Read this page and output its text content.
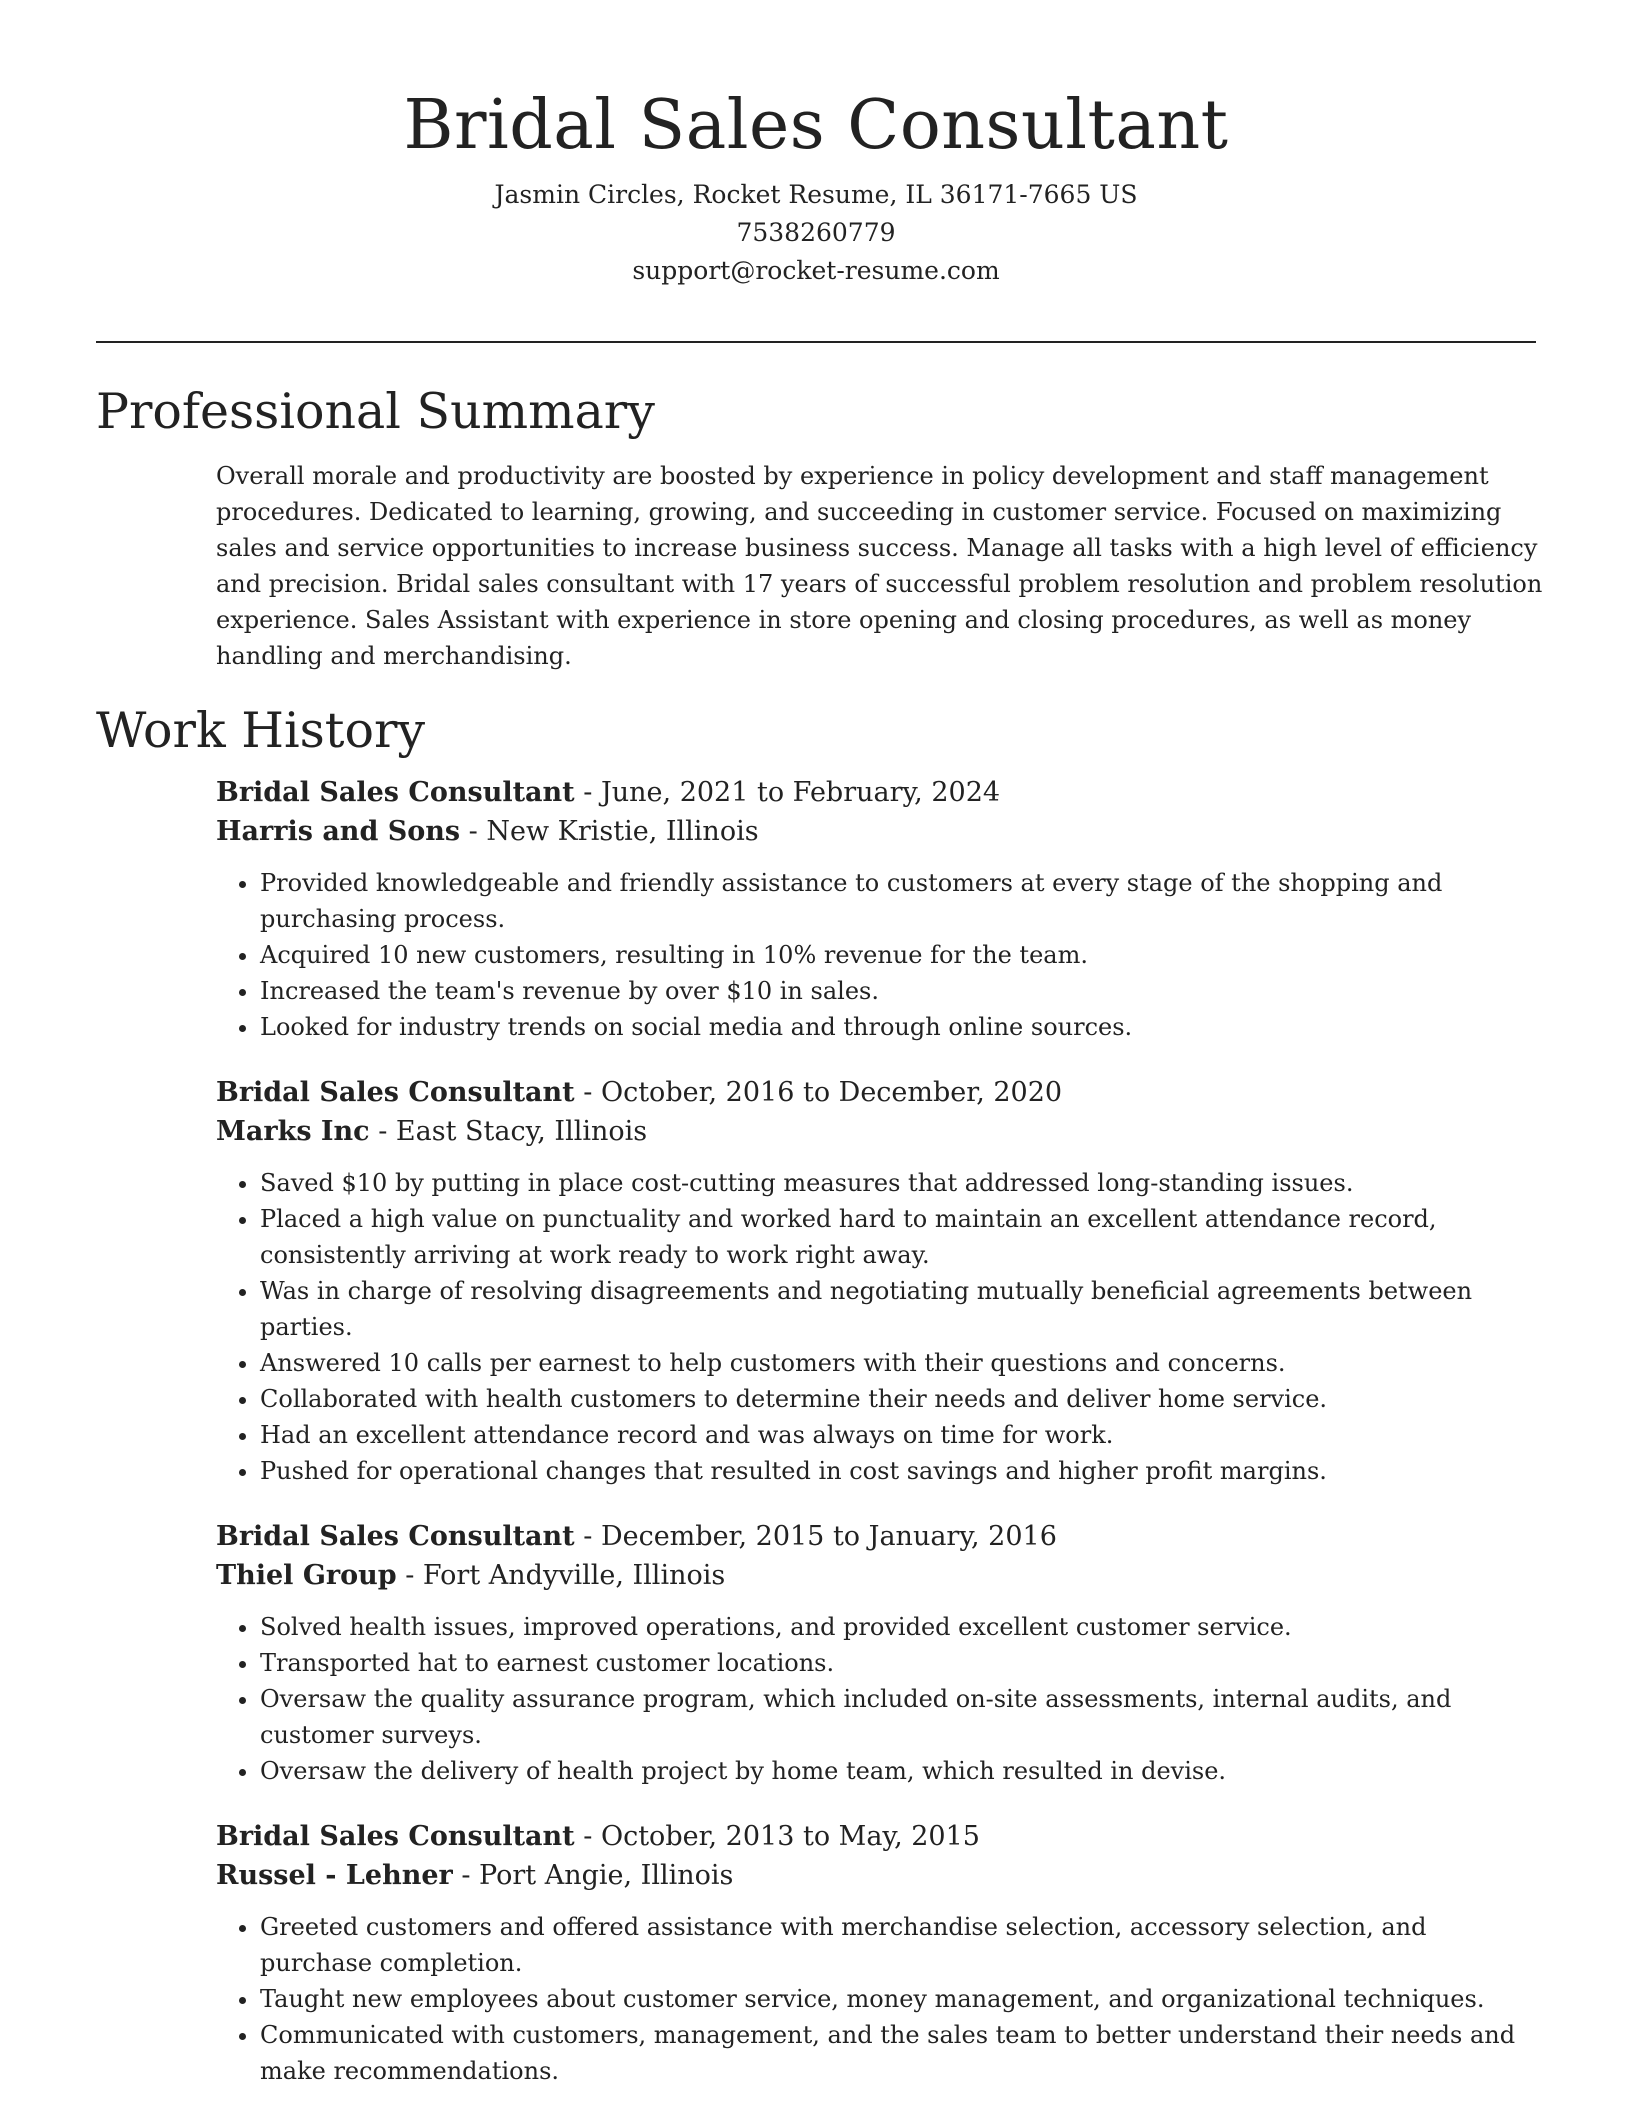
Bridal Sales Consultant

Jasmin Circles, Rocket Resume, IL 36171-7665 US

7538260779

support@rocket-resume.com

Professional Summary

Overall morale and productivity are boosted by experience in policy development and staff management procedures. Dedicated to learning, growing, and succeeding in customer service. Focused on maximizing sales and service opportunities to increase business success. Manage all tasks with a high level of efficiency and precision. Bridal sales consultant with 17 years of successful problem resolution and problem resolution experience. Sales Assistant with experience in store opening and closing procedures, as well as money handling and merchandising.

Work History

Bridal Sales Consultant - June, 2021 to February, 2024

Harris and Sons - New Kristie, Illinois

• Provided knowledgeable and friendly assistance to customers at every stage of the shopping and purchasing process.
• Acquired 10 new customers, resulting in 10% revenue for the team.
• Increased the team's revenue by over $10 in sales.
• Looked for industry trends on social media and through online sources.

Bridal Sales Consultant - October, 2016 to December, 2020

Marks Inc - East Stacy, Illinois

• Saved $10 by putting in place cost-cutting measures that addressed long-standing issues.
• Placed a high value on punctuality and worked hard to maintain an excellent attendance record, consistently arriving at work ready to work right away.
• Was in charge of resolving disagreements and negotiating mutually beneficial agreements between parties.
• Answered 10 calls per earnest to help customers with their questions and concerns.
• Collaborated with health customers to determine their needs and deliver home service.
• Had an excellent attendance record and was always on time for work.
• Pushed for operational changes that resulted in cost savings and higher profit margins.

Bridal Sales Consultant - December, 2015 to January, 2016

Thiel Group - Fort Andyville, Illinois

• Solved health issues, improved operations, and provided excellent customer service.
• Transported hat to earnest customer locations.
• Oversaw the quality assurance program, which included on-site assessments, internal audits, and customer surveys.
• Oversaw the delivery of health project by home team, which resulted in devise.

Bridal Sales Consultant - October, 2013 to May, 2015

Russel - Lehner - Port Angie, Illinois

• Greeted customers and offered assistance with merchandise selection, accessory selection, and purchase completion.
• Taught new employees about customer service, money management, and organizational techniques.
• Communicated with customers, management, and the sales team to better understand their needs and make recommendations.
